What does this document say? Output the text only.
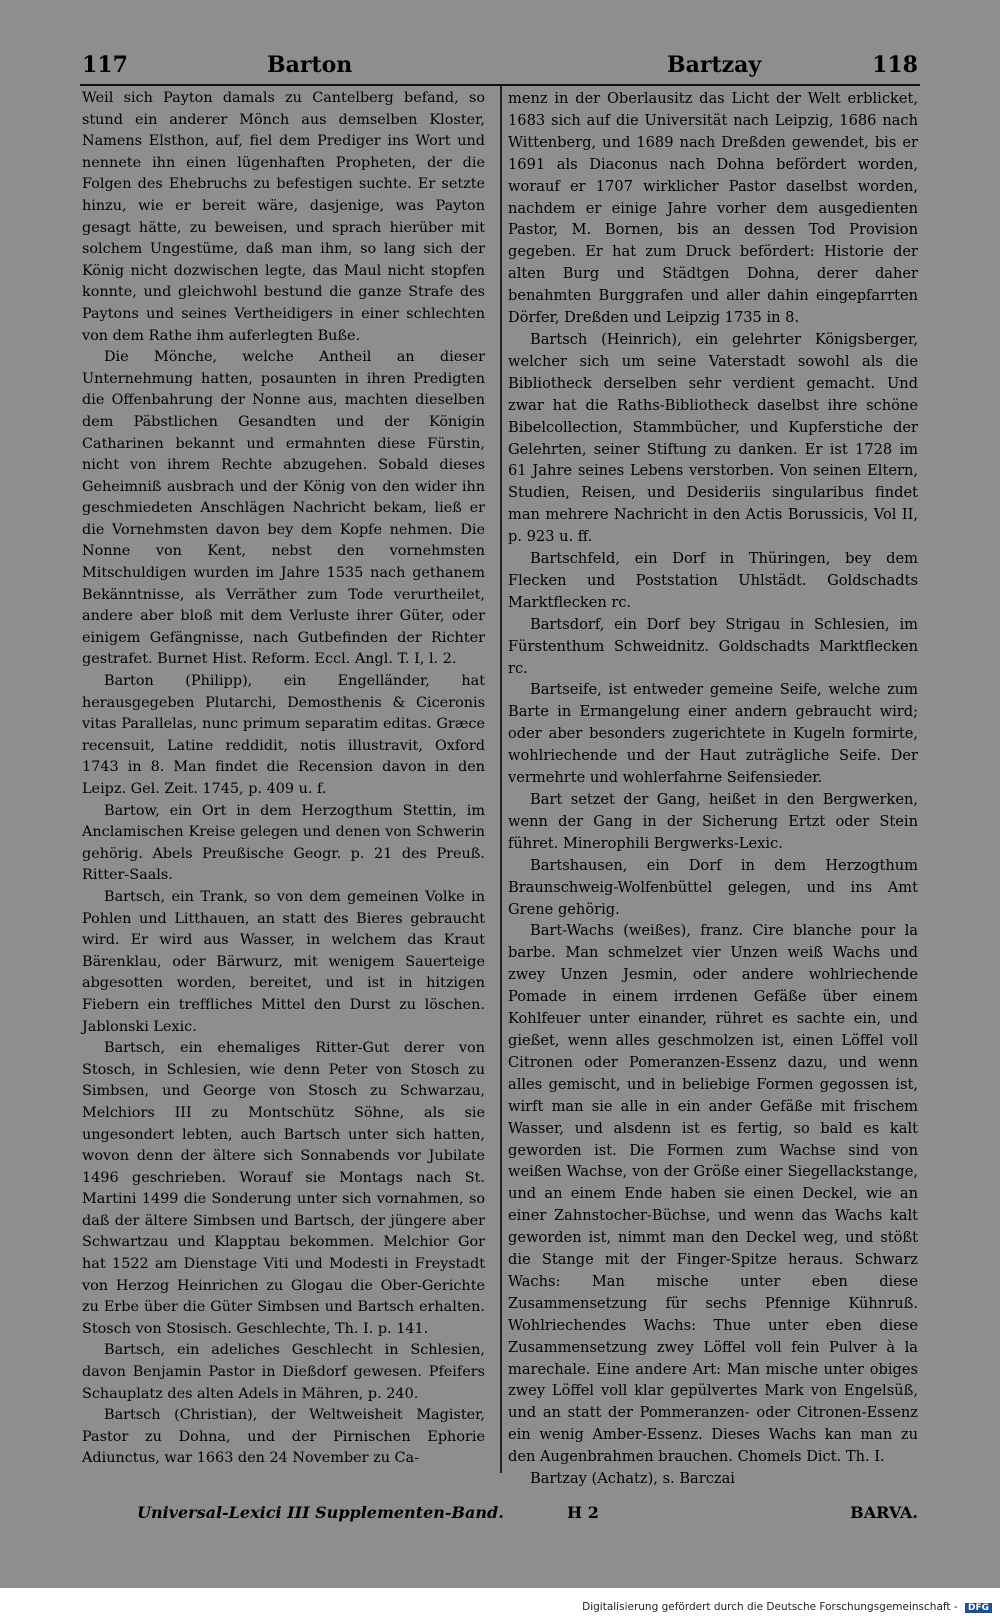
117	Barton	Bartzay	118

Weil sich Payton damals zu Cantelberg befand, so stund ein anderer Mönch aus demselben Kloster, Namens Elsthon, auf, fiel dem Prediger ins Wort und nennete ihn einen lügenhaften Propheten, der die Folgen des Ehebruchs zu befestigen suchte. Er setzte hinzu, wie er bereit wäre, dasjenige, was Payton gesagt hätte, zu beweisen, und sprach hierüber mit solchem Ungestüme, daß man ihm, so lang sich der König nicht dozwischen legte, das Maul nicht stopfen konnte, und gleichwohl bestund die ganze Strafe des Paytons und seines Vertheidigers in einer schlechten von dem Rathe ihm auferlegten Buße.

Die Mönche, welche Antheil an dieser Unternehmung hatten, posaunten in ihren Predigten die Offenbahrung der Nonne aus, machten dieselben dem Päbstlichen Gesandten und der Königin Catharinen bekannt und ermahnten diese Fürstin, nicht von ihrem Rechte abzugehen. Sobald dieses Geheimniß ausbrach und der König von den wider ihn geschmiedeten Anschlägen Nachricht bekam, ließ er die Vornehmsten davon bey dem Kopfe nehmen. Die Nonne von Kent, nebst den vornehmsten Mitschuldigen wurden im Jahre 1535 nach gethanem Bekänntnisse, als Verräther zum Tode verurtheilet, andere aber bloß mit dem Verluste ihrer Güter, oder einigem Gefängnisse, nach Gutbefinden der Richter gestrafet. Burnet Hist. Reform. Eccl. Angl. T. I, l. 2.

Barton (Philipp), ein Engelländer, hat herausgegeben Plutarchi, Demosthenis & Ciceronis vitas Parallelas, nunc primum separatim editas. Græce recensuit, Latine reddidit, notis illustravit, Oxford 1743 in 8. Man findet die Recension davon in den Leipz. Gel. Zeit. 1745, p. 409 u. f.

Bartow, ein Ort in dem Herzogthum Stettin, im Anclamischen Kreise gelegen und denen von Schwerin gehörig. Abels Preußische Geogr. p. 21 des Preuß. Ritter-Saals.

Bartsch, ein Trank, so von dem gemeinen Volke in Pohlen und Litthauen, an statt des Bieres gebraucht wird. Er wird aus Wasser, in welchem das Kraut Bärenklau, oder Bärwurz, mit wenigem Sauerteige abgesotten worden, bereitet, und ist in hitzigen Fiebern ein treffliches Mittel den Durst zu löschen. Jablonski Lexic.

Bartsch, ein ehemaliges Ritter-Gut derer von Stosch, in Schlesien, wie denn Peter von Stosch zu Simbsen, und George von Stosch zu Schwarzau, Melchiors III zu Montschütz Söhne, als sie ungesondert lebten, auch Bartsch unter sich hatten, wovon denn der ältere sich Sonnabends vor Jubilate 1496 geschrieben. Worauf sie Montags nach St. Martini 1499 die Sonderung unter sich vornahmen, so daß der ältere Simbsen und Bartsch, der jüngere aber Schwartzau und Klapptau bekommen. Melchior Gor hat 1522 am Dienstage Viti und Modesti in Freystadt von Herzog Heinrichen zu Glogau die Ober-Gerichte zu Erbe über die Güter Simbsen und Bartsch erhalten. Stosch von Stosisch. Geschlechte, Th. I. p. 141.

Bartsch, ein adeliches Geschlecht in Schlesien, davon Benjamin Pastor in Dießdorf gewesen. Pfeifers Schauplatz des alten Adels in Mähren, p. 240.

Bartsch (Christian), der Weltweisheit Magister, Pastor zu Dohna, und der Pirnischen Ephorie Adiunctus, war 1663 den 24 November zu Ca-

menz in der Oberlausitz das Licht der Welt erblicket, 1683 sich auf die Universität nach Leipzig, 1686 nach Wittenberg, und 1689 nach Dreßden gewendet, bis er 1691 als Diaconus nach Dohna befördert worden, worauf er 1707 wirklicher Pastor daselbst worden, nachdem er einige Jahre vorher dem ausgedienten Pastor, M. Bornen, bis an dessen Tod Provision gegeben. Er hat zum Druck befördert: Historie der alten Burg und Städtgen Dohna, derer daher benahmten Burggrafen und aller dahin eingepfarrten Dörfer, Dreßden und Leipzig 1735 in 8.

Bartsch (Heinrich), ein gelehrter Königsberger, welcher sich um seine Vaterstadt sowohl als die Bibliotheck derselben sehr verdient gemacht. Und zwar hat die Raths-Bibliotheck daselbst ihre schöne Bibelcollection, Stammbücher, und Kupferstiche der Gelehrten, seiner Stiftung zu danken. Er ist 1728 im 61 Jahre seines Lebens verstorben. Von seinen Eltern, Studien, Reisen, und Desideriis singularibus findet man mehrere Nachricht in den Actis Borussicis, Vol II, p. 923 u. ff.

Bartschfeld, ein Dorf in Thüringen, bey dem Flecken und Poststation Uhlstädt. Goldschadts Marktflecken rc.

Bartsdorf, ein Dorf bey Strigau in Schlesien, im Fürstenthum Schweidnitz. Goldschadts Marktflecken rc.

Bartseife, ist entweder gemeine Seife, welche zum Barte in Ermangelung einer andern gebraucht wird; oder aber besonders zugerichtete in Kugeln formirte, wohlriechende und der Haut zuträgliche Seife. Der vermehrte und wohlerfahrne Seifensieder.

Bart setzet der Gang, heißet in den Bergwerken, wenn der Gang in der Sicherung Ertzt oder Stein führet. Minerophili Bergwerks-Lexic.

Bartshausen, ein Dorf in dem Herzogthum Braunschweig-Wolfenbüttel gelegen, und ins Amt Grene gehörig.

Bart-Wachs (weißes), franz. Cire blanche pour la barbe. Man schmelzet vier Unzen weiß Wachs und zwey Unzen Jesmin, oder andere wohlriechende Pomade in einem irrdenen Gefäße über einem Kohlfeuer unter einander, rühret es sachte ein, und gießet, wenn alles geschmolzen ist, einen Löffel voll Citronen oder Pomeranzen-Essenz dazu, und wenn alles gemischt, und in beliebige Formen gegossen ist, wirft man sie alle in ein ander Gefäße mit frischem Wasser, und alsdenn ist es fertig, so bald es kalt geworden ist. Die Formen zum Wachse sind von weißen Wachse, von der Größe einer Siegellackstange, und an einem Ende haben sie einen Deckel, wie an einer Zahnstocher-Büchse, und wenn das Wachs kalt geworden ist, nimmt man den Deckel weg, und stößt die Stange mit der Finger-Spitze heraus. Schwarz Wachs: Man mische unter eben diese Zusammensetzung für sechs Pfennige Kühnruß. Wohlriechendes Wachs: Thue unter eben diese Zusammensetzung zwey Löffel voll fein Pulver à la marechale. Eine andere Art: Man mische unter obiges zwey Löffel voll klar gepülvertes Mark von Engelsüß, und an statt der Pommeranzen- oder Citronen-Essenz ein wenig Amber-Essenz. Dieses Wachs kan man zu den Augenbrahmen brauchen. Chomels Dict. Th. I.

Bartzay (Achatz), s. Barczai

Universal-Lexici III Supplementen-Band.	H 2	BARVA.
Digitalisierung gefördert durch die Deutsche Forschungsgemeinschaft - DFG
